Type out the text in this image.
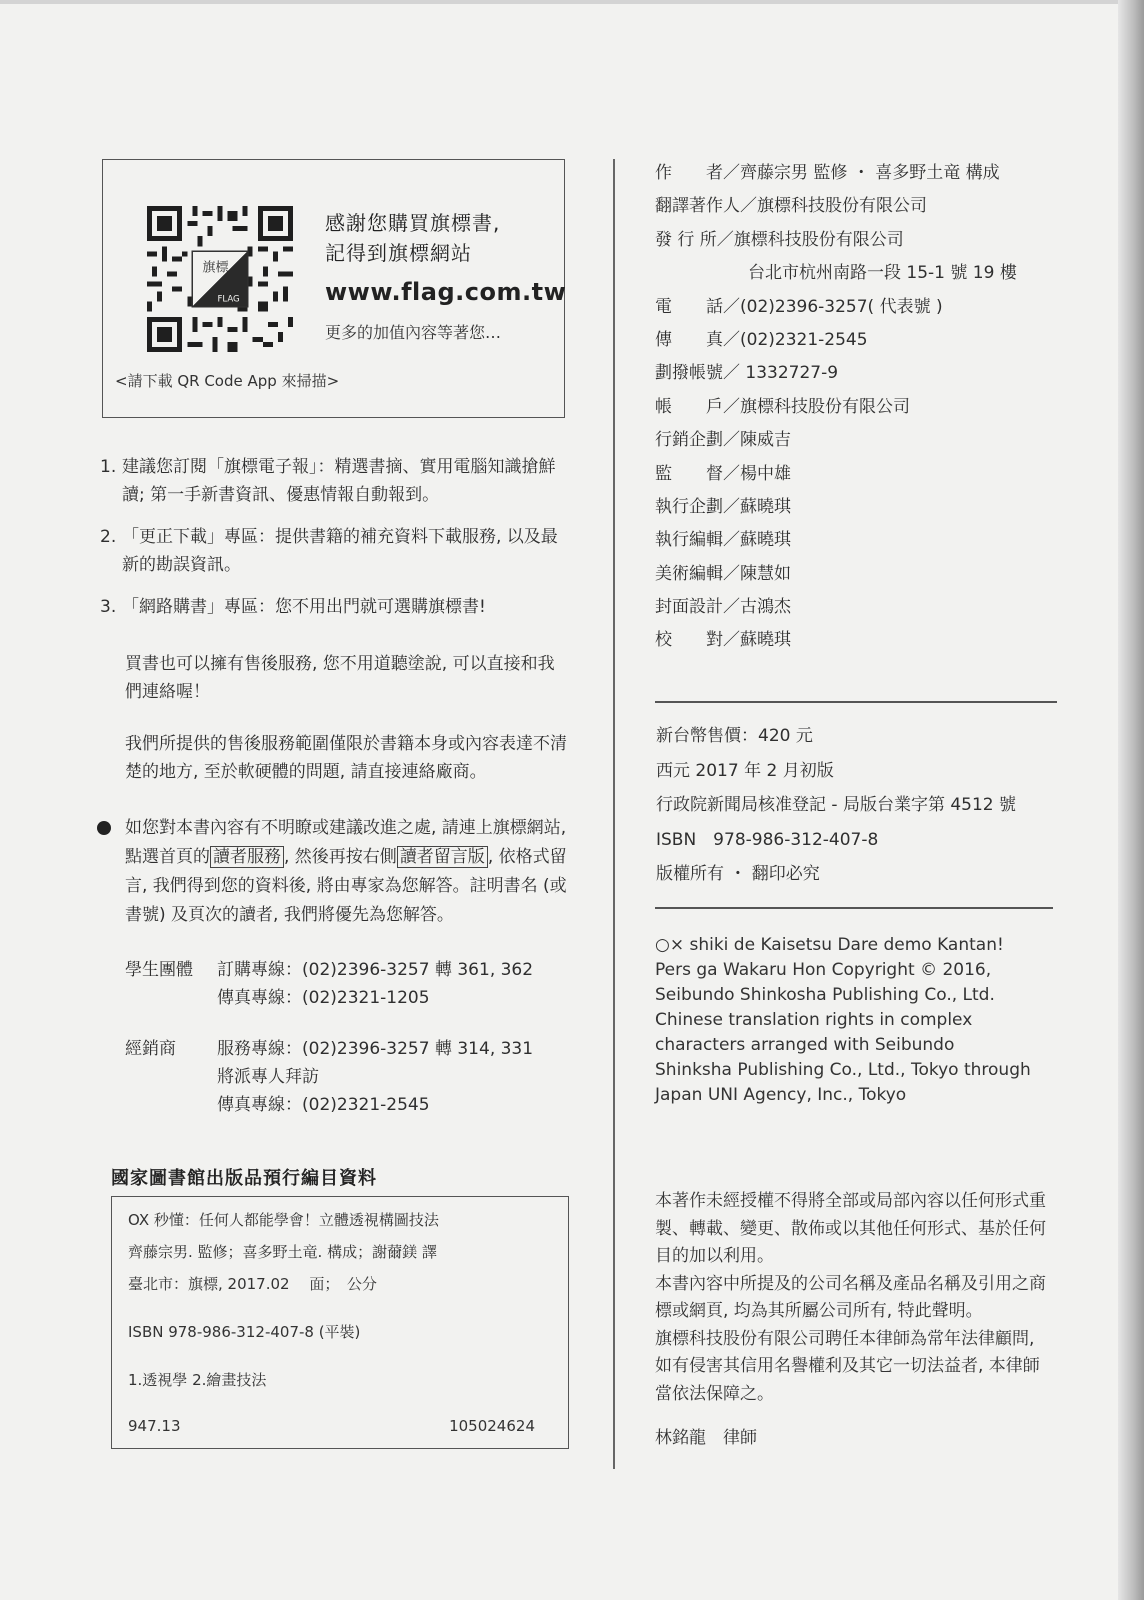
旗標
FLAG
感謝您購買旗標書,
記得到旗標網站
www.flag.com.tw
更多的加值內容等著您…
<請下載 QR Code App 來掃描>
1. 建議您訂閱「旗標電子報」：精選書摘、實用電腦知識搶鮮讀; 第一手新書資訊、優惠情報自動報到。
2. 「更正下載」專區：提供書籍的補充資料下載服務, 以及最新的勘誤資訊。
3. 「網路購書」專區：您不用出門就可選購旗標書!
買書也可以擁有售後服務, 您不用道聽塗說, 可以直接和我們連絡喔！
我們所提供的售後服務範圍僅限於書籍本身或內容表達不清楚的地方, 至於軟硬體的問題, 請直接連絡廠商。
如您對本書內容有不明瞭或建議改進之處, 請連上旗標網站, 點選首頁的 讀者服務 , 然後再按右側 讀者留言版 , 依格式留言, 我們得到您的資料後, 將由專家為您解答。註明書名 (或書號) 及頁次的讀者, 我們將優先為您解答。
學生團體	訂購專線：(02)2396-3257 轉 361, 362
傳真專線：(02)2321-1205
經銷商	服務專線：(02)2396-3257 轉 314, 331
將派專人拜訪
傳真專線：(02)2321-2545
國家圖書館出版品預行編目資料
OX 秒懂：任何人都能學會！立體透視構圖技法
齊藤宗男. 監修；喜多野土竜. 構成；謝薾鎂 譯
臺北市：旗標, 2017.02　 面；　公分
ISBN 978-986-312-407-8 (平裝)
1.透視學 2.繪畫技法
947.13	105024624
作　　者／齊藤宗男 監修 ・ 喜多野土竜 構成
翻譯著作人／旗標科技股份有限公司
發 行 所／旗標科技股份有限公司
台北市杭州南路一段 15-1 號 19 樓
電　　話／(02)2396-3257( 代表號 )
傳　　真／(02)2321-2545
劃撥帳號／ 1332727-9
帳　　戶／旗標科技股份有限公司
行銷企劃／陳威吉
監　　督／楊中雄
執行企劃／蘇曉琪
執行編輯／蘇曉琪
美術編輯／陳慧如
封面設計／古鴻杰
校　　對／蘇曉琪
新台幣售價：420 元
西元 2017 年 2 月初版
行政院新聞局核准登記 - 局版台業字第 4512 號
ISBN　978-986-312-407-8
版權所有 ・ 翻印必究
○× shiki de Kaisetsu Dare demo Kantan! Pers ga Wakaru Hon Copyright © 2016, Seibundo Shinkosha Publishing Co., Ltd. Chinese translation rights in complex characters arranged with Seibundo Shinksha Publishing Co., Ltd., Tokyo through Japan UNI Agency, Inc., Tokyo
本著作未經授權不得將全部或局部內容以任何形式重製、轉載、變更、散佈或以其他任何形式、基於任何目的加以利用。
本書內容中所提及的公司名稱及產品名稱及引用之商標或網頁, 均為其所屬公司所有, 特此聲明。
旗標科技股份有限公司聘任本律師為常年法律顧問, 如有侵害其信用名譽權利及其它一切法益者, 本律師當依法保障之。
林銘龍　律師
